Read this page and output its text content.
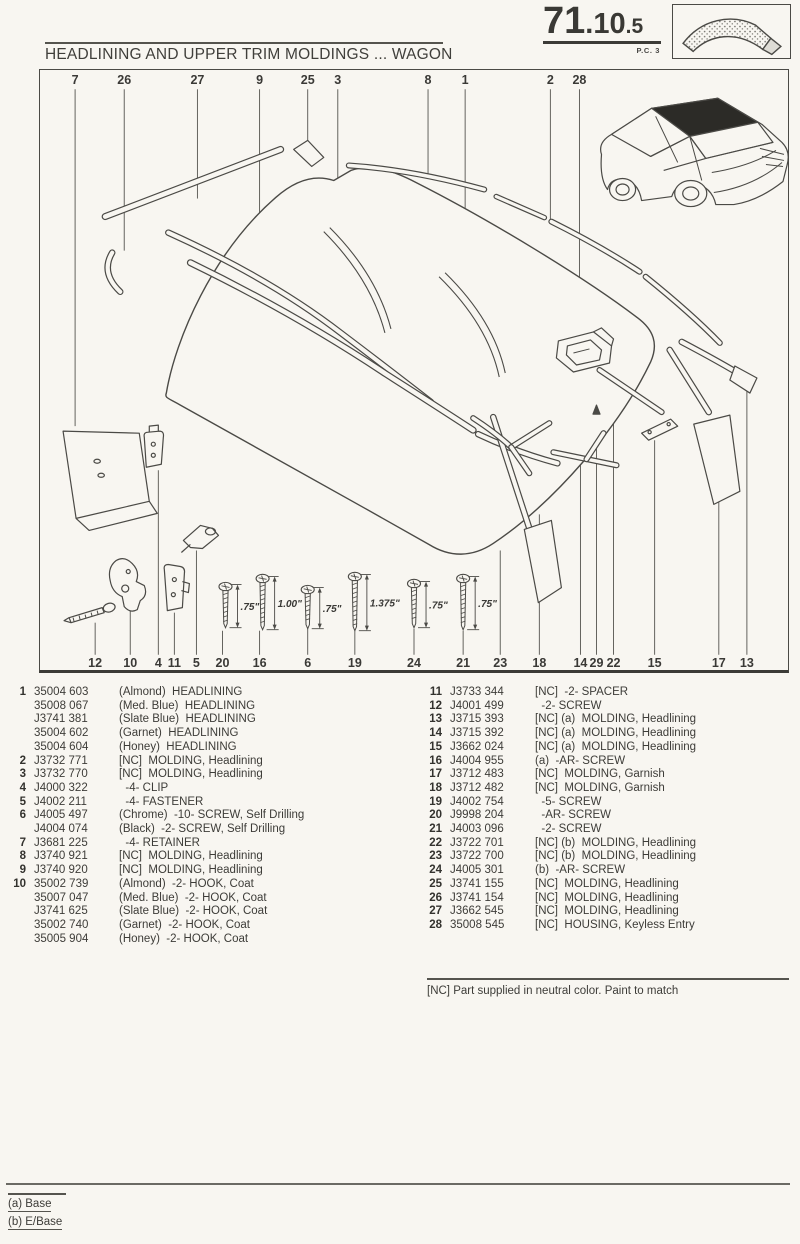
71.10.5
P.C. 3
HEADLINING AND UPPER TRIM MOLDINGS ... WAGON
.75" 1.00" .75"
1.375"	.75"	.75"
7	26	27	9	25 3	8 1	2 28
12 10 4 11 5 20 16	6	19	24	21 23 18 14 29 22 15	17 13
1 35004 603	(Almond)  HEADLINING
35008 067	(Med. Blue)  HEADLINING
J3741 381	(Slate Blue)  HEADLINING
35004 602	(Garnet)  HEADLINING
35004 604	(Honey)  HEADLINING
2 J3732 771	[NC]  MOLDING, Headlining
3 J3732 770	[NC]  MOLDING, Headlining
4 J4000 322	-4- CLIP
5 J4002 211	-4- FASTENER
6 J4005 497	(Chrome)  -10- SCREW, Self Drilling
J4004 074	(Black)  -2- SCREW, Self Drilling
7 J3681 225	-4- RETAINER
8 J3740 921	[NC]  MOLDING, Headlining
9 J3740 920	[NC]  MOLDING, Headlining
10 35002 739	(Almond)  -2- HOOK, Coat
35007 047	(Med. Blue)  -2- HOOK, Coat
J3741 625	(Slate Blue)  -2- HOOK, Coat
35002 740	(Garnet)  -2- HOOK, Coat
35005 904	(Honey)  -2- HOOK, Coat
11 J3733 344	[NC]  -2- SPACER
12 J4001 499	-2- SCREW
13 J3715 393	[NC] (a)  MOLDING, Headlining
14 J3715 392	[NC] (a)  MOLDING, Headlining
15 J3662 024	[NC] (a)  MOLDING, Headlining
16 J4004 955	(a)  -AR- SCREW
17 J3712 483	[NC]  MOLDING, Garnish
18 J3712 482	[NC]  MOLDING, Garnish
19 J4002 754	-5- SCREW
20 J9998 204	-AR- SCREW
21 J4003 096	-2- SCREW
22 J3722 701	[NC] (b)  MOLDING, Headlining
23 J3722 700	[NC] (b)  MOLDING, Headlining
24 J4005 301	(b)  -AR- SCREW
25 J3741 155	[NC]  MOLDING, Headlining
26 J3741 154	[NC]  MOLDING, Headlining
27 J3662 545	[NC]  MOLDING, Headlining
28 35008 545	[NC]  HOUSING, Keyless Entry
[NC] Part supplied in neutral color. Paint to match
(a) Base
(b) E/Base
